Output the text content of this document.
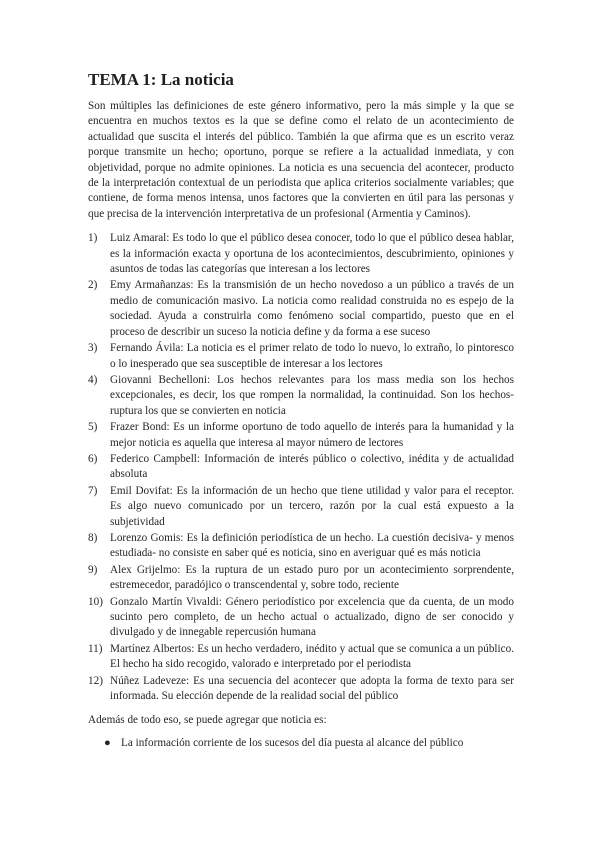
TEMA 1: La noticia

Son múltiples las definiciones de este género informativo, pero la más simple y la que se encuentra en muchos textos es la que se define como el relato de un acontecimiento de actualidad que suscita el interés del público. También la que afirma que es un escrito veraz porque transmite un hecho; oportuno, porque se refiere a la actualidad inmediata, y con objetividad, porque no admite opiniones. La noticia es una secuencia del acontecer, producto de la interpretación contextual de un periodista que aplica criterios socialmente variables; que contiene, de forma menos intensa, unos factores que la convierten en útil para las personas y que precisa de la intervención interpretativa de un profesional (Armentia y Caminos).

1) Luiz Amaral: Es todo lo que el público desea conocer, todo lo que el público desea hablar, es la información exacta y oportuna de los acontecimientos, descubrimiento, opiniones y asuntos de todas las categorías que interesan a los lectores
2) Emy Armañanzas: Es la transmisión de un hecho novedoso a un público a través de un medio de comunicación masivo. La noticia como realidad construida no es espejo de la sociedad. Ayuda a construirla como fenómeno social compartido, puesto que en el proceso de describir un suceso la noticia define y da forma a ese suceso
3) Fernando Ávila: La noticia es el primer relato de todo lo nuevo, lo extraño, lo pintoresco o lo inesperado que sea susceptible de interesar a los lectores
4) Giovanni Bechelloni: Los hechos relevantes para los mass media son los hechos excepcionales, es decir, los que rompen la normalidad, la continuidad. Son los hechos-ruptura los que se convierten en noticia
5) Frazer Bond: Es un informe oportuno de todo aquello de interés para la humanidad y la mejor noticia es aquella que interesa al mayor número de lectores
6) Federico Campbell: Información de interés público o colectivo, inédita y de actualidad absoluta
7) Emil Dovifat: Es la información de un hecho que tiene utilidad y valor para el receptor. Es algo nuevo comunicado por un tercero, razón por la cual está expuesto a la subjetividad
8) Lorenzo Gomis: Es la definición periodística de un hecho. La cuestión decisiva- y menos estudiada- no consiste en saber qué es noticia, sino en averiguar qué es más noticia
9) Alex Grijelmo: Es la ruptura de un estado puro por un acontecimiento sorprendente, estremecedor, paradójico o transcendental y, sobre todo, reciente
10) Gonzalo Martín Vivaldi: Género periodístico por excelencia que da cuenta, de un modo sucinto pero completo, de un hecho actual o actualizado, digno de ser conocido y divulgado y de innegable repercusión humana
11) Martínez Albertos: Es un hecho verdadero, inédito y actual que se comunica a un público. El hecho ha sido recogido, valorado e interpretado por el periodista
12) Núñez Ladeveze: Es una secuencia del acontecer que adopta la forma de texto para ser informada. Su elección depende de la realidad social del público

Además de todo eso, se puede agregar que noticia es:

● La información corriente de los sucesos del día puesta al alcance del público
